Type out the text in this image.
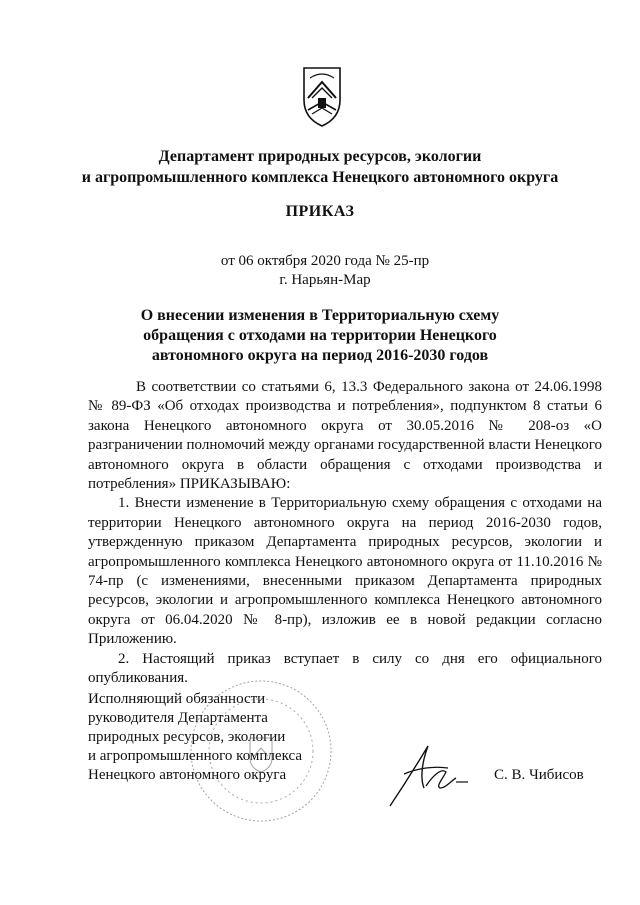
Департамент природных ресурсов, экологии
и агропромышленного комплекса Ненецкого автономного округа
ПРИКАЗ
от 06 октября 2020 года № 25-пр
г. Нарьян-Мар
О внесении изменения в Территориальную схему
обращения с отходами на территории Ненецкого
автономного округа на период 2016-2030 годов

В соответствии со статьями 6, 13.3 Федерального закона от 24.06.1998 № 89-ФЗ «Об отходах производства и потребления», подпунктом 8 статьи 6 закона Ненецкого автономного округа от 30.05.2016 № 208-оз «О разграничении полномочий между органами государственной власти Ненецкого автономного округа в области обращения с отходами производства и потребления» ПРИКАЗЫВАЮ:

1. Внести изменение в Территориальную схему обращения с отходами на территории Ненецкого автономного округа на период 2016-2030 годов, утвержденную приказом Департамента природных ресурсов, экологии и агропромышленного комплекса Ненецкого автономного округа от 11.10.2016 № 74-пр (с изменениями, внесенными приказом Департамента природных ресурсов, экологии и агропромышленного комплекса Ненецкого автономного округа от 06.04.2020 № 8-пр), изложив ее в новой редакции согласно Приложению.

2. Настоящий приказ вступает в силу со дня его официального опубликования.

Исполняющий обязанности
руководителя Департамента
природных ресурсов, экологии
и агропромышленного комплекса
Ненецкого автономного округа	С. В. Чибисов
